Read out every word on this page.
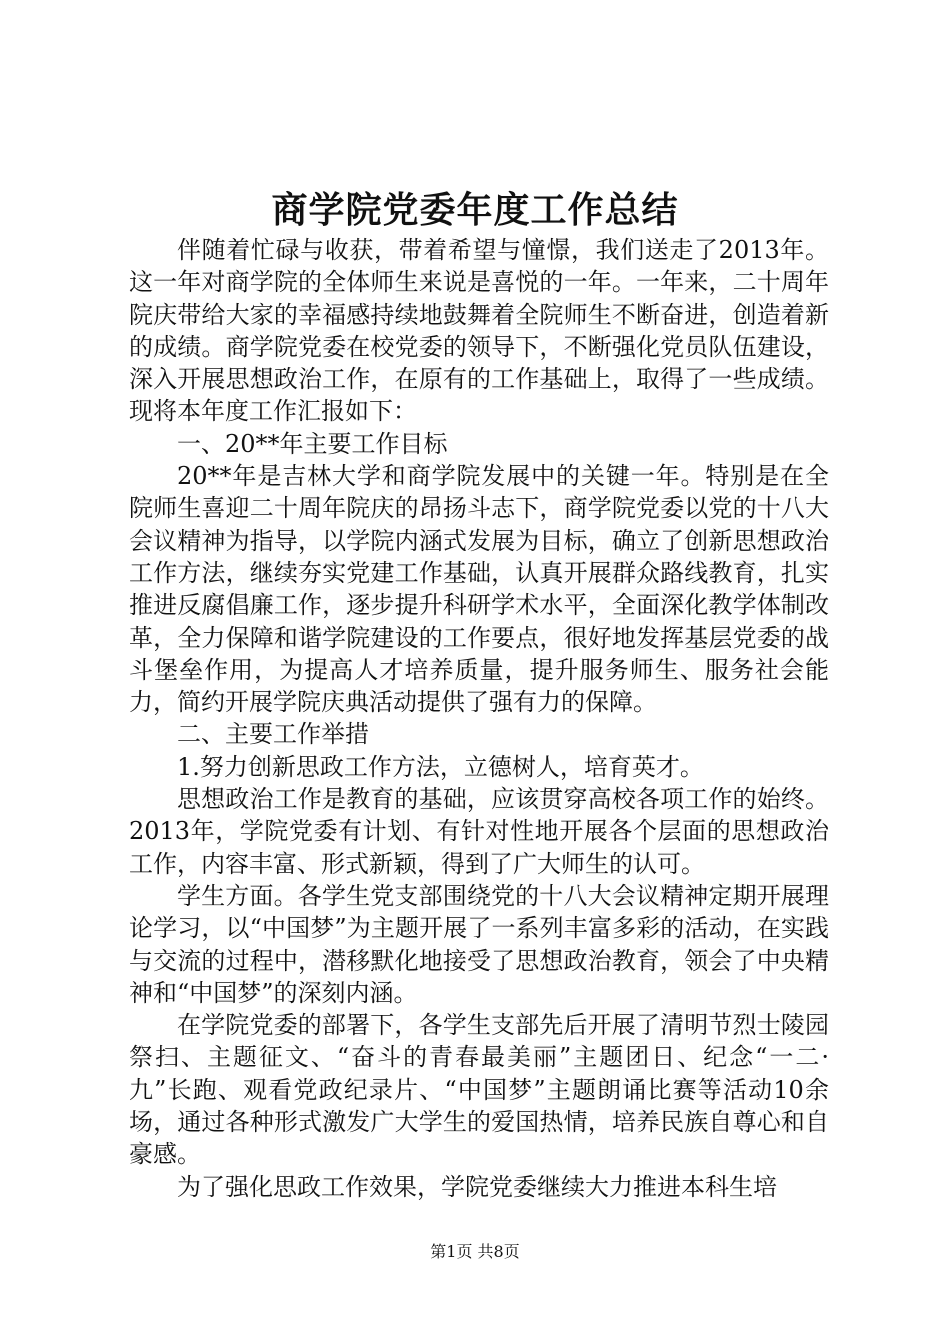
商学院党委年度工作总结

伴随着忙碌与收获，带着希望与憧憬，我们送走了2013年。这一年对商学院的全体师生来说是喜悦的一年。一年来，二十周年院庆带给大家的幸福感持续地鼓舞着全院师生不断奋进，创造着新的成绩。商学院党委在校党委的领导下，不断强化党员队伍建设，深入开展思想政治工作，在原有的工作基础上，取得了一些成绩。现将本年度工作汇报如下：

一、20**年主要工作目标

20**年是吉林大学和商学院发展中的关键一年。特别是在全院师生喜迎二十周年院庆的昂扬斗志下，商学院党委以党的十八大会议精神为指导，以学院内涵式发展为目标，确立了创新思想政治工作方法，继续夯实党建工作基础，认真开展群众路线教育，扎实推进反腐倡廉工作，逐步提升科研学术水平，全面深化教学体制改革，全力保障和谐学院建设的工作要点，很好地发挥基层党委的战斗堡垒作用，为提高人才培养质量，提升服务师生、服务社会能力，简约开展学院庆典活动提供了强有力的保障。

二、主要工作举措

1.努力创新思政工作方法，立德树人，培育英才。

思想政治工作是教育的基础，应该贯穿高校各项工作的始终。2013年，学院党委有计划、有针对性地开展各个层面的思想政治工作，内容丰富、形式新颖，得到了广大师生的认可。

学生方面。各学生党支部围绕党的十八大会议精神定期开展理论学习，以“中国梦”为主题开展了一系列丰富多彩的活动，在实践与交流的过程中，潜移默化地接受了思想政治教育，领会了中央精神和“中国梦”的深刻内涵。

在学院党委的部署下，各学生支部先后开展了清明节烈士陵园祭扫、主题征文、“奋斗的青春最美丽”主题团日、纪念“一二·九”长跑、观看党政纪录片、“中国梦”主题朗诵比赛等活动10余场，通过各种形式激发广大学生的爱国热情，培养民族自尊心和自豪感。

为了强化思政工作效果，学院党委继续大力推进本科生培

第1页 共8页
